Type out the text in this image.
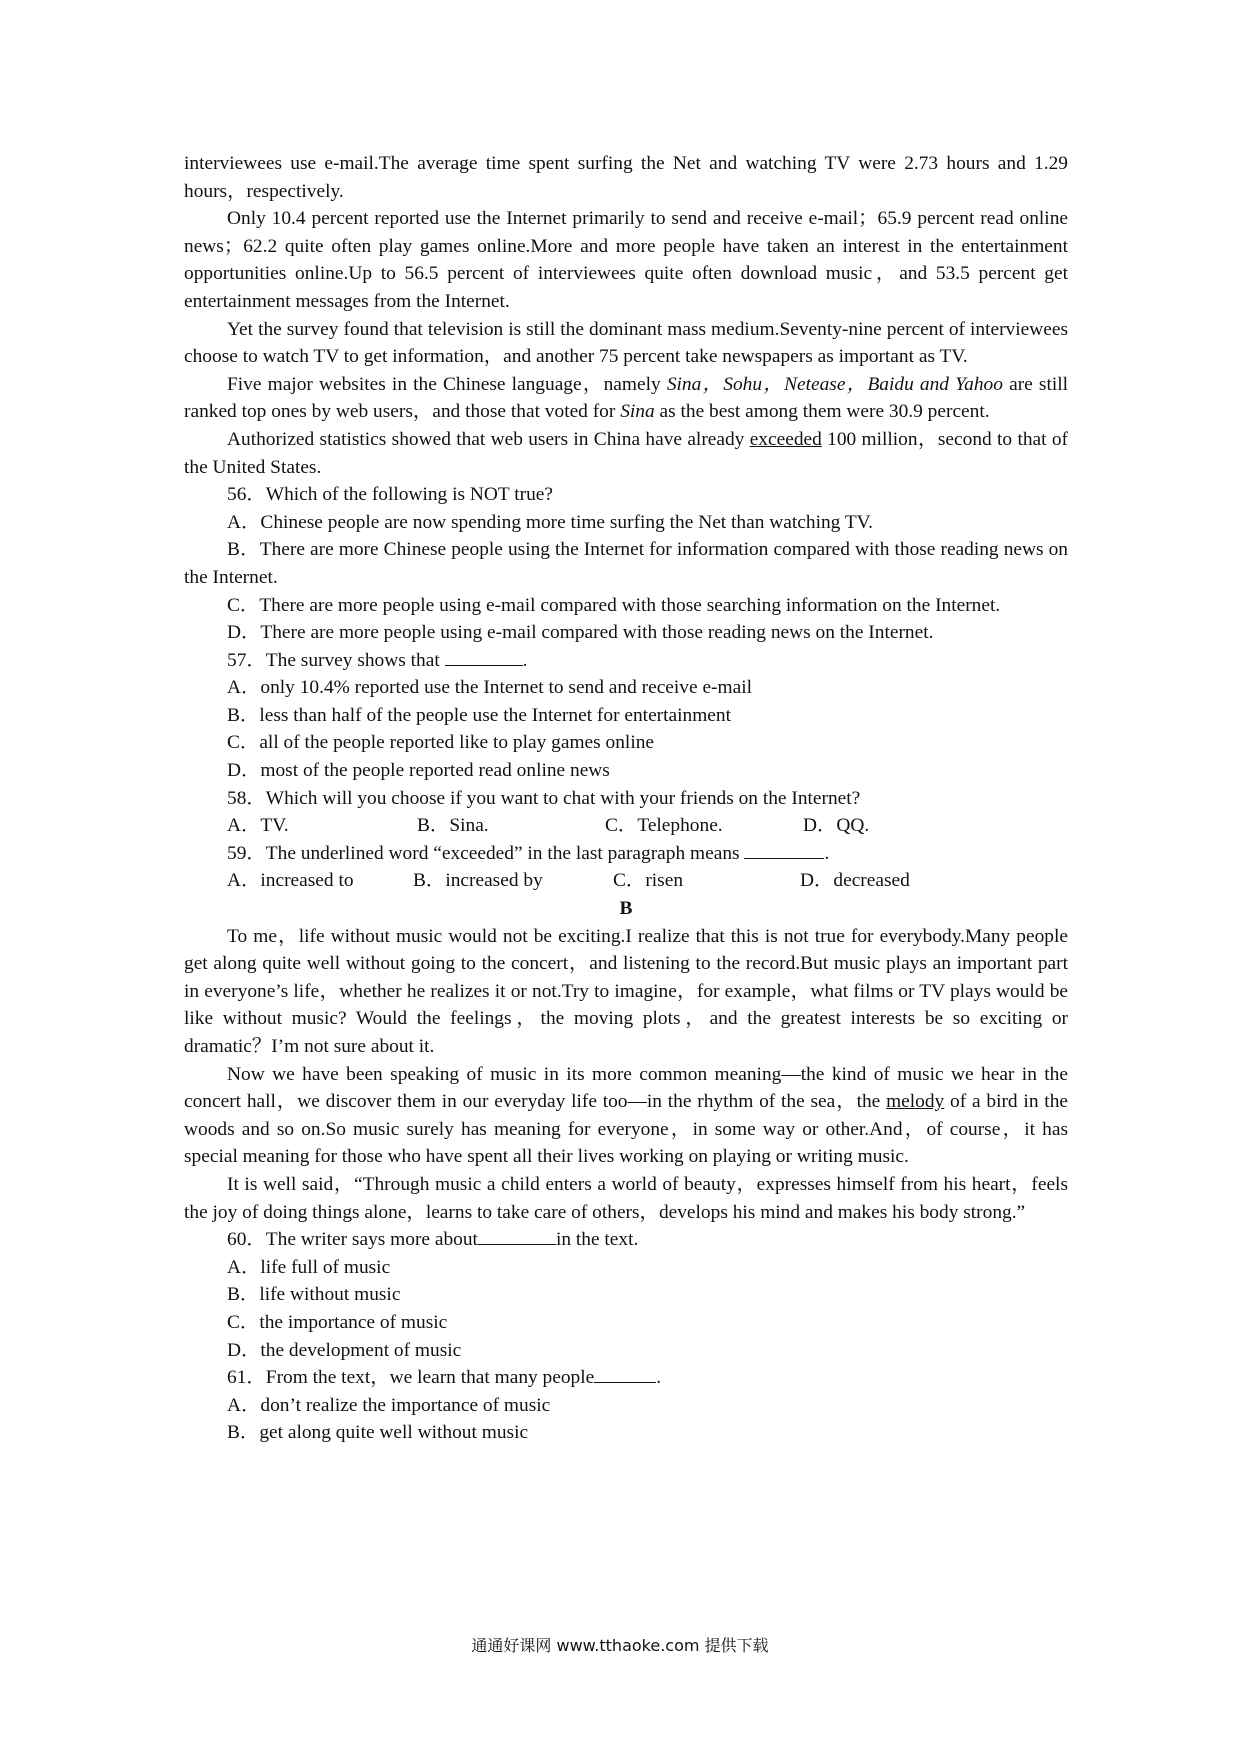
interviewees use e-mail.The average time spent surfing the Net and watching TV were 2.73 hours and 1.29 hours，respectively.

Only 10.4 percent reported use the Internet primarily to send and receive e-mail；65.9 percent read online news；62.2 quite often play games online.More and more people have taken an interest in the entertainment opportunities online.Up to 56.5 percent of interviewees quite often download music，and 53.5 percent get entertainment messages from the Internet.

Yet the survey found that television is still the dominant mass medium.Seventy-nine percent of interviewees choose to watch TV to get information，and another 75 percent take newspapers as important as TV.

Five major websites in the Chinese language，namely Sina，Sohu，Netease，Baidu and Yahoo are still ranked top ones by web users，and those that voted for Sina as the best among them were 30.9 percent.

Authorized statistics showed that web users in China have already exceeded 100 million，second to that of the United States.

56．Which of the following is NOT true?

A．Chinese people are now spending more time surfing the Net than watching TV.

B．There are more Chinese people using the Internet for information compared with those reading news on the Internet.

C．There are more people using e-mail compared with those searching information on the Internet.

D．There are more people using e-mail compared with those reading news on the Internet.

57．The survey shows that	.

A．only 10.4% reported use the Internet to send and receive e-mail

B．less than half of the people use the Internet for entertainment

C．all of the people reported like to play games online

D．most of the people reported read online news

58．Which will you choose if you want to chat with your friends on the Internet?

A．TV.	B．Sina.	C．Telephone.	D．QQ.

59．The underlined word “exceeded” in the last paragraph means	.

A．increased to	B．increased by	C．risen	D．decreased

B

To me，life without music would not be exciting.I realize that this is not true for everybody.Many people get along quite well without going to the concert，and listening to the record.But music plays an important part in everyone’s life，whether he realizes it or not.Try to imagine，for example，what films or TV plays would be like without music? Would the feelings，the moving plots，and the greatest interests be so exciting or dramatic？I’m not sure about it.

Now we have been speaking of music in its more common meaning—the kind of music we hear in the concert hall，we discover them in our everyday life too—in the rhythm of the sea，the melody of a bird in the woods and so on.So music surely has meaning for everyone，in some way or other.And，of course，it has special meaning for those who have spent all their lives working on playing or writing music.

It is well said，“Through music a child enters a world of beauty，expresses himself from his heart，feels the joy of doing things alone，learns to take care of others，develops his mind and makes his body strong.”

60．The writer says more about	in the text.

A．life full of music

B．life without music

C．the importance of music

D．the development of music

61．From the text，we learn that many people	.

A．don’t realize the importance of music

B．get along quite well without music

通通好课网 www.tthaoke.com 提供下载
